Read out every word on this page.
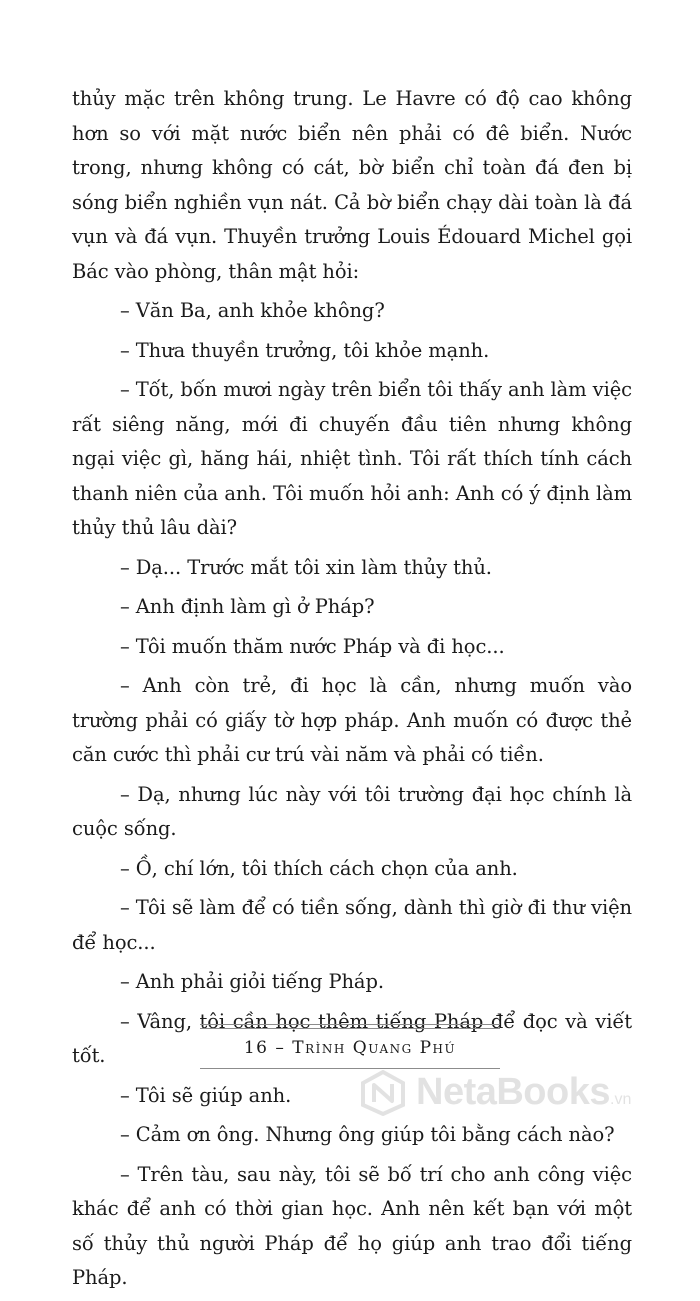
thủy mặc trên không trung. Le Havre có độ cao không hơn so với mặt nước biển nên phải có đê biển. Nước trong, nhưng không có cát, bờ biển chỉ toàn đá đen bị sóng biển nghiền vụn nát. Cả bờ biển chạy dài toàn là đá vụn và đá vụn. Thuyền trưởng Louis Édouard Michel gọi Bác vào phòng, thân mật hỏi:

– Văn Ba, anh khỏe không?

– Thưa thuyền trưởng, tôi khỏe mạnh.

– Tốt, bốn mươi ngày trên biển tôi thấy anh làm việc rất siêng năng, mới đi chuyến đầu tiên nhưng không ngại việc gì, hăng hái, nhiệt tình. Tôi rất thích tính cách thanh niên của anh. Tôi muốn hỏi anh: Anh có ý định làm thủy thủ lâu dài?

– Dạ... Trước mắt tôi xin làm thủy thủ.

– Anh định làm gì ở Pháp?

– Tôi muốn thăm nước Pháp và đi học...

– Anh còn trẻ, đi học là cần, nhưng muốn vào trường phải có giấy tờ hợp pháp. Anh muốn có được thẻ căn cước thì phải cư trú vài năm và phải có tiền.

– Dạ, nhưng lúc này với tôi trường đại học chính là cuộc sống.

– Ồ, chí lớn, tôi thích cách chọn của anh.

– Tôi sẽ làm để có tiền sống, dành thì giờ đi thư viện để học...

– Anh phải giỏi tiếng Pháp.

– Vâng, tôi cần học thêm tiếng Pháp để đọc và viết tốt.

– Tôi sẽ giúp anh.

– Cảm ơn ông. Nhưng ông giúp tôi bằng cách nào?

– Trên tàu, sau này, tôi sẽ bố trí cho anh công việc khác để anh có thời gian học. Anh nên kết bạn với một số thủy thủ người Pháp để họ giúp anh trao đổi tiếng Pháp.

16 – Trình Quang Phú
NetaBooks.vn
